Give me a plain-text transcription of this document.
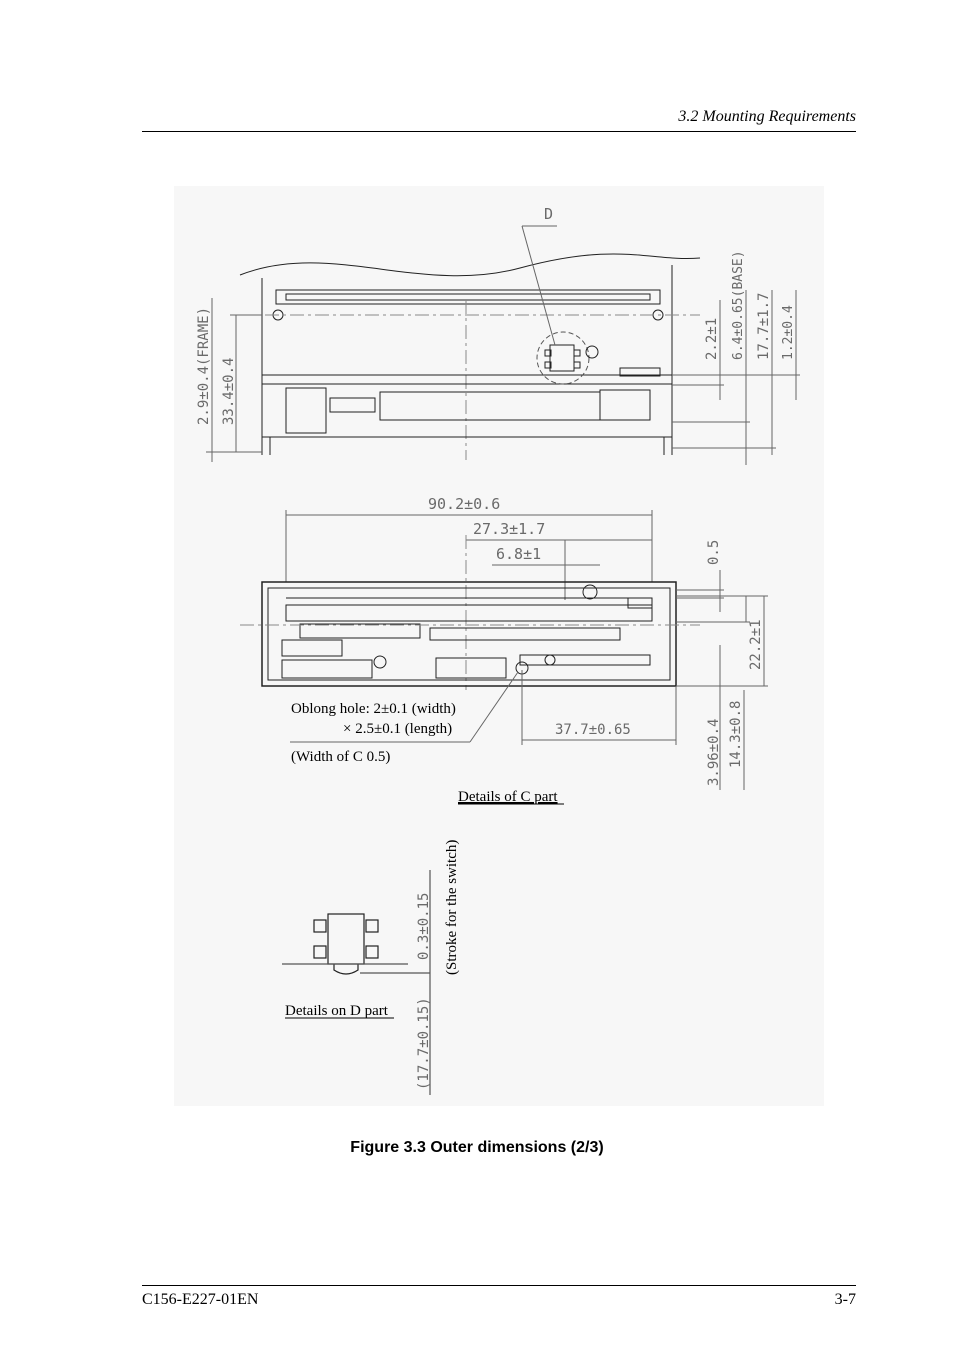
3.2 Mounting Requirements
D
2.9±0.4(FRAME) 33.4±0.4
2.2±1 6.4±0.65(BASE) 17.7±1.7 1.2±0.4
90.2±0.6
27.3±1.7
6.8±1	0.5
22.2±1
37.7±0.65	3.96±0.4 14.3±0.8
Oblong hole: 2±0.1 (width)
× 2.5±0.1 (length)
(Width of C 0.5)
Details of C part
0.3±0.15 (Stroke for the switch)
(17.7±0.15)
Details on D part
Figure 3.3 Outer dimensions (2/3)
C156-E227-01EN	3-7
